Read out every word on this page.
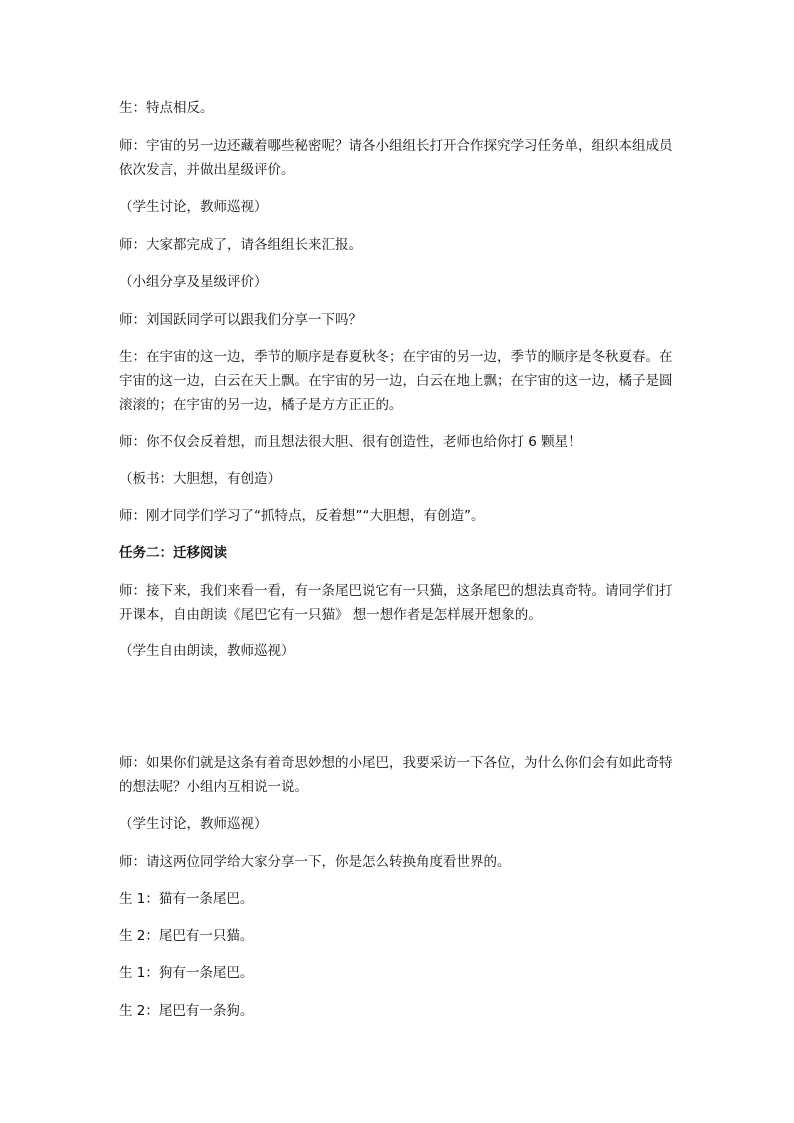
生：特点相反。

师：宇宙的另一边还藏着哪些秘密呢？请各小组组长打开合作探究学习任务单，组织本组成员依次发言，并做出星级评价。

（学生讨论，教师巡视）

师：大家都完成了，请各组组长来汇报。

（小组分享及星级评价）

师：刘国跃同学可以跟我们分享一下吗？

生：在宇宙的这一边，季节的顺序是春夏秋冬；在宇宙的另一边，季节的顺序是冬秋夏春。在宇宙的这一边，白云在天上飘。在宇宙的另一边，白云在地上飘；在宇宙的这一边，橘子是圆滚滚的；在宇宙的另一边，橘子是方方正正的。

师：你不仅会反着想，而且想法很大胆、很有创造性，老师也给你打 6 颗星！

（板书：大胆想，有创造）

师：刚才同学们学习了“抓特点，反着想”“大胆想，有创造”。

任务二：迁移阅读

师：接下来，我们来看一看，有一条尾巴说它有一只猫，这条尾巴的想法真奇特。请同学们打开课本，自由朗读《尾巴它有一只猫》 想一想作者是怎样展开想象的。

（学生自由朗读，教师巡视）

师：如果你们就是这条有着奇思妙想的小尾巴，我要采访一下各位，为什么你们会有如此奇特的想法呢？小组内互相说一说。

（学生讨论，教师巡视）

师：请这两位同学给大家分享一下，你是怎么转换角度看世界的。

生 1：猫有一条尾巴。

生 2：尾巴有一只猫。

生 1：狗有一条尾巴。

生 2：尾巴有一条狗。
